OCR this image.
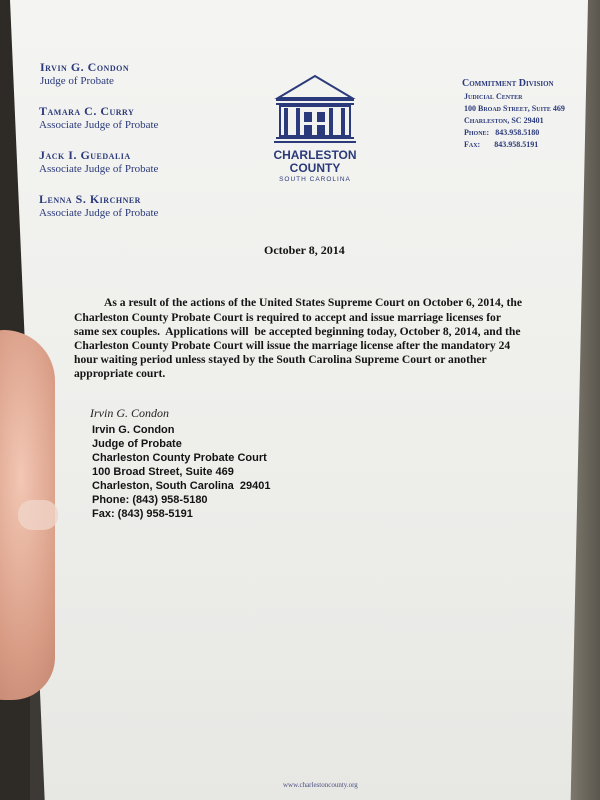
Irvin G. Condon
Judge of Probate
Tamara C. Curry
Associate Judge of Probate
Jack I. Guedalia
Associate Judge of Probate
Lenna S. Kirchner
Associate Judge of Probate
CHARLESTON
COUNTY
SOUTH CAROLINA
Commitment Division
Judicial Center
100 Broad Street, Suite 469
Charleston, SC 29401
Phone:   843.958.5180
Fax:       843.958.5191
October 8, 2014
As a result of the actions of the United States Supreme Court on October 6, 2014, the
Charleston County Probate Court is required to accept and issue marriage licenses for
same sex couples.  Applications will  be accepted beginning today, October 8, 2014, and the
Charleston County Probate Court will issue the marriage license after the mandatory 24
hour waiting period unless stayed by the South Carolina Supreme Court or another
appropriate court.
Irvin G. Condon
Irvin G. Condon
Judge of Probate
Charleston County Probate Court
100 Broad Street, Suite 469
Charleston, South Carolina  29401
Phone: (843) 958-5180
Fax: (843) 958-5191
www.charlestoncounty.org
